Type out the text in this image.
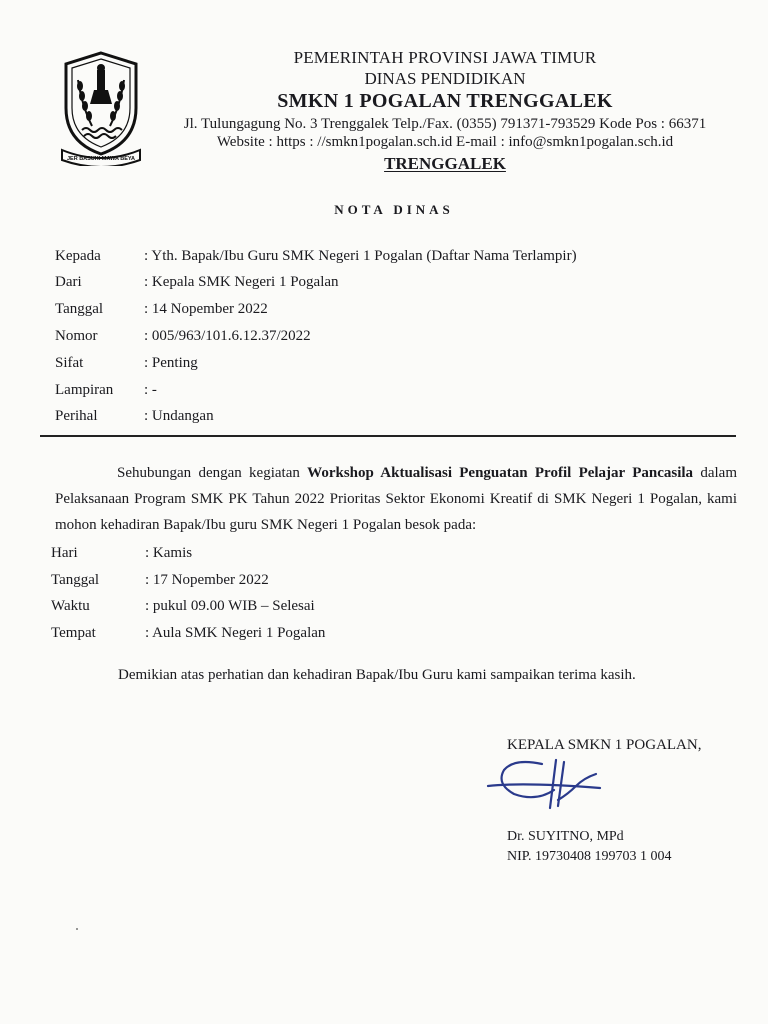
JER BASUKI MAWA BEYA
PEMERINTAH PROVINSI JAWA TIMUR
DINAS PENDIDIKAN
SMKN 1 POGALAN TRENGGALEK
Jl. Tulungagung No. 3 Trenggalek Telp./Fax. (0355) 791371-793529 Kode Pos : 66371
Website : https : //smkn1pogalan.sch.id E-mail : info@smkn1pogalan.sch.id
TRENGGALEK
NOTA DINAS
Kepada	: Yth. Bapak/Ibu Guru SMK Negeri 1 Pogalan (Daftar Nama Terlampir)
Dari	: Kepala SMK Negeri 1 Pogalan
Tanggal	: 14 Nopember 2022
Nomor	: 005/963/101.6.12.37/2022
Sifat	: Penting
Lampiran : -
Perihal	: Undangan
Sehubungan dengan kegiatan Workshop Aktualisasi Penguatan Profil Pelajar Pancasila dalam Pelaksanaan Program SMK PK Tahun 2022 Prioritas Sektor Ekonomi Kreatif di SMK Negeri 1 Pogalan, kami mohon kehadiran Bapak/Ibu guru SMK Negeri 1 Pogalan besok pada:
Hari	: Kamis
Tanggal	: 17 Nopember 2022
Waktu	: pukul 09.00 WIB – Selesai
Tempat	: Aula SMK Negeri 1 Pogalan
Demikian atas perhatian dan kehadiran Bapak/Ibu Guru kami sampaikan terima kasih.
KEPALA SMKN 1 POGALAN,
Dr. SUYITNO, MPd
NIP. 19730408 199703 1 004
